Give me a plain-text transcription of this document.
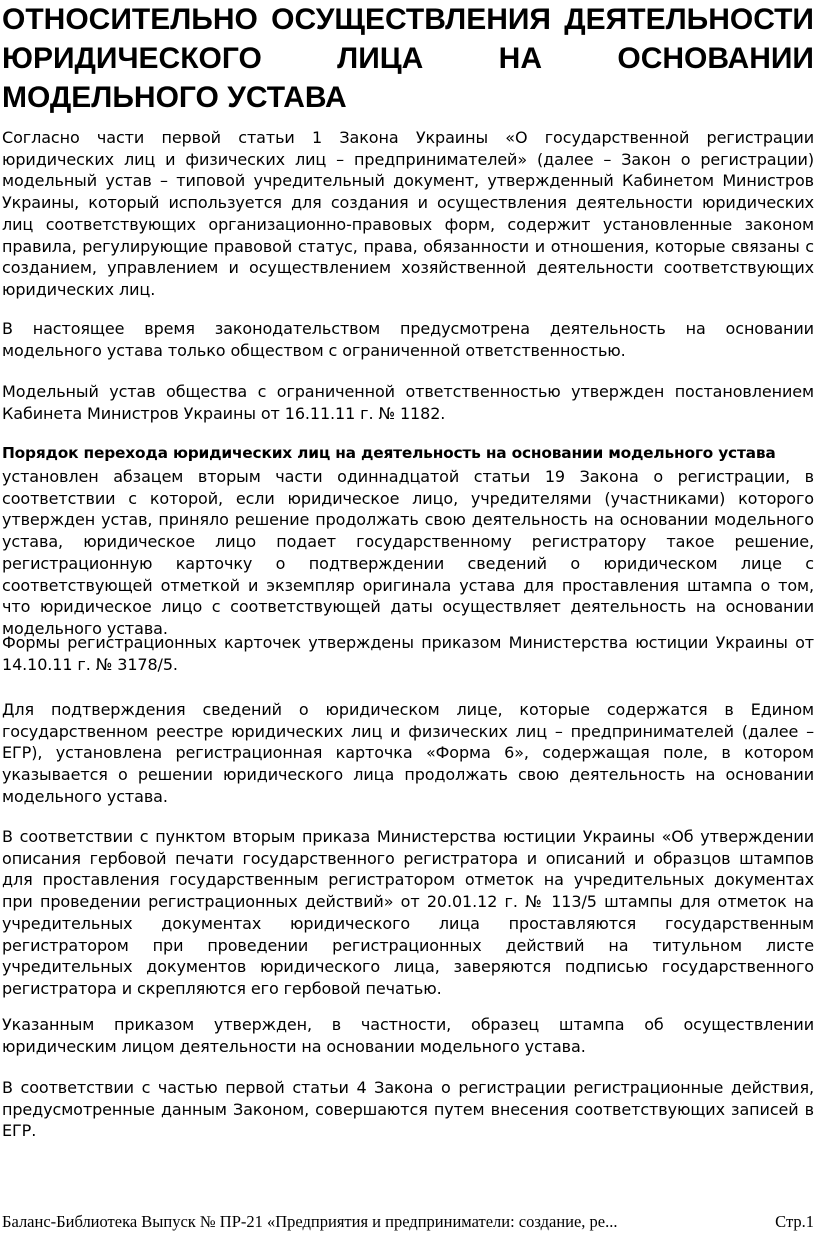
ОТНОСИТЕЛЬНО ОСУЩЕСТВЛЕНИЯ ДЕЯТЕЛЬНОСТИ ЮРИДИЧЕСКОГО ЛИЦА НА ОСНОВАНИИ МОДЕЛЬНОГО УСТАВА

Согласно части первой статьи 1 Закона Украины «О государственной регистрации юридических лиц и физических лиц – предпринимателей» (далее – Закон о регистрации) модельный устав – типовой учредительный документ, утвержденный Кабинетом Министров Украины, который используется для создания и осуществления деятельности юридических лиц соответствующих организационно-правовых форм, содержит установленные законом правила, регулирующие правовой статус, права, обязанности и отношения, которые связаны с созданием, управлением и осуществлением хозяйственной деятельности соответствующих юридических лиц.

В настоящее время законодательством предусмотрена деятельность на основании модельного устава только обществом с ограниченной ответственностью.

Модельный устав общества с ограниченной ответственностью утвержден постановлением Кабинета Министров Украины от 16.11.11 г. № 1182.

Порядок перехода юридических лиц на деятельность на основании модельного устава

установлен абзацем вторым части одиннадцатой статьи 19 Закона о регистрации, в соответствии с которой, если юридическое лицо, учредителями (участниками) которого утвержден устав, приняло решение продолжать свою деятельность на основании модельного устава, юридическое лицо подает государственному регистратору такое решение, регистрационную карточку о подтверждении сведений о юридическом лице с соответствующей отметкой и экземпляр оригинала устава для проставления штампа о том, что юридическое лицо с соответствующей даты осуществляет деятельность на основании модельного устава.

Формы регистрационных карточек утверждены приказом Министерства юстиции Украины от 14.10.11 г. № 3178/5.

Для подтверждения сведений о юридическом лице, которые содержатся в Едином государственном реестре юридических лиц и физических лиц – предпринимателей (далее – ЕГР), установлена регистрационная карточка «Форма 6», содержащая поле, в котором указывается о решении юридического лица продолжать свою деятельность на основании модельного устава.

В соответствии с пунктом вторым приказа Министерства юстиции Украины «Об утверждении описания гербовой печати государственного регистратора и описаний и образцов штампов для проставления государственным регистратором отметок на учредительных документах при проведении регистрационных действий» от 20.01.12 г. № 113/5 штампы для отметок на учредительных документах юридического лица проставляются государственным регистратором при проведении регистрационных действий на титульном листе учредительных документов юридического лица, заверяются подписью государственного регистратора и скрепляются его гербовой печатью.

Указанным приказом утвержден, в частности, образец штампа об осуществлении юридическим лицом деятельности на основании модельного устава.

В соответствии с частью первой статьи 4 Закона о регистрации регистрационные действия, предусмотренные данным Законом, совершаются путем внесения соответствующих записей в ЕГР.

Баланс-Библиотека Выпуск № ПР-21 «Предприятия и предприниматели: создание, ре...	Стр.1
